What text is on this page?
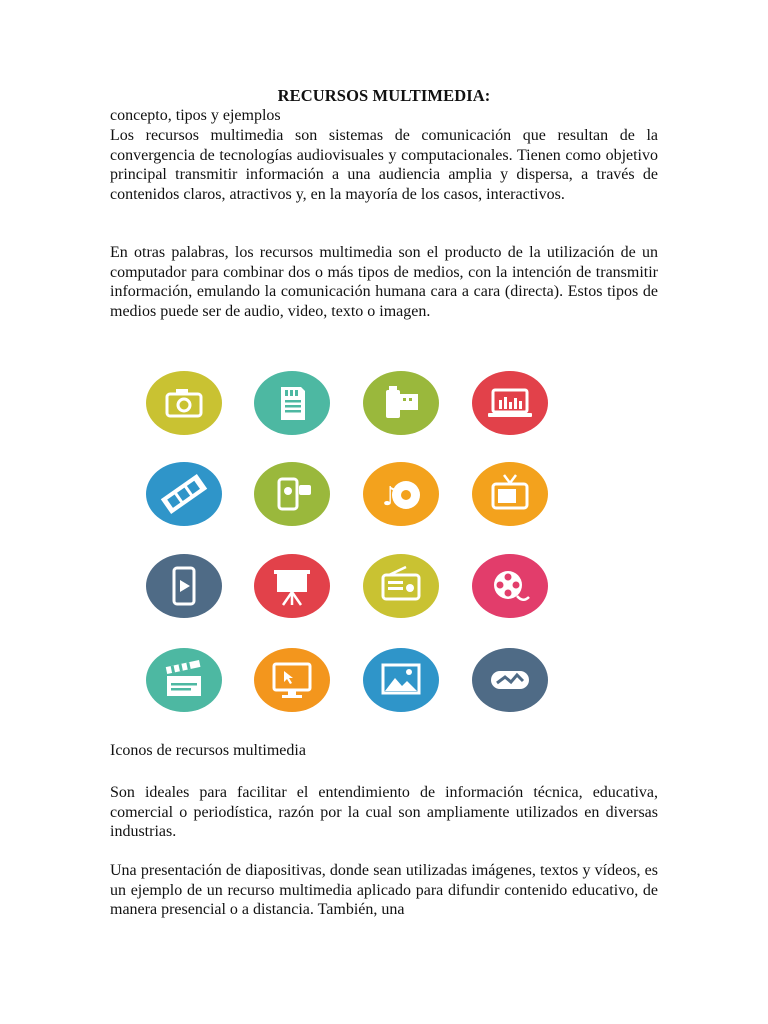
RECURSOS MULTIMEDIA:

concepto, tipos y ejemplos

Los recursos multimedia son sistemas de comunicación que resultan de la convergencia de tecnologías audiovisuales y computacionales. Tienen como objetivo principal transmitir información a una audiencia amplia y dispersa, a través de contenidos claros, atractivos y, en la mayoría de los casos, interactivos.

En otras palabras, los recursos multimedia son el producto de la utilización de un computador para combinar dos o más tipos de medios, con la intención de transmitir información, emulando la comunicación humana cara a cara (directa). Estos tipos de medios puede ser de audio, video, texto o imagen.

♪

Iconos de recursos multimedia

Son ideales para facilitar el entendimiento de información técnica, educativa, comercial o periodística, razón por la cual son ampliamente utilizados en diversas industrias.

Una presentación de diapositivas, donde sean utilizadas imágenes, textos y vídeos, es un ejemplo de un recurso multimedia aplicado para difundir contenido educativo, de manera presencial o a distancia. También, una
